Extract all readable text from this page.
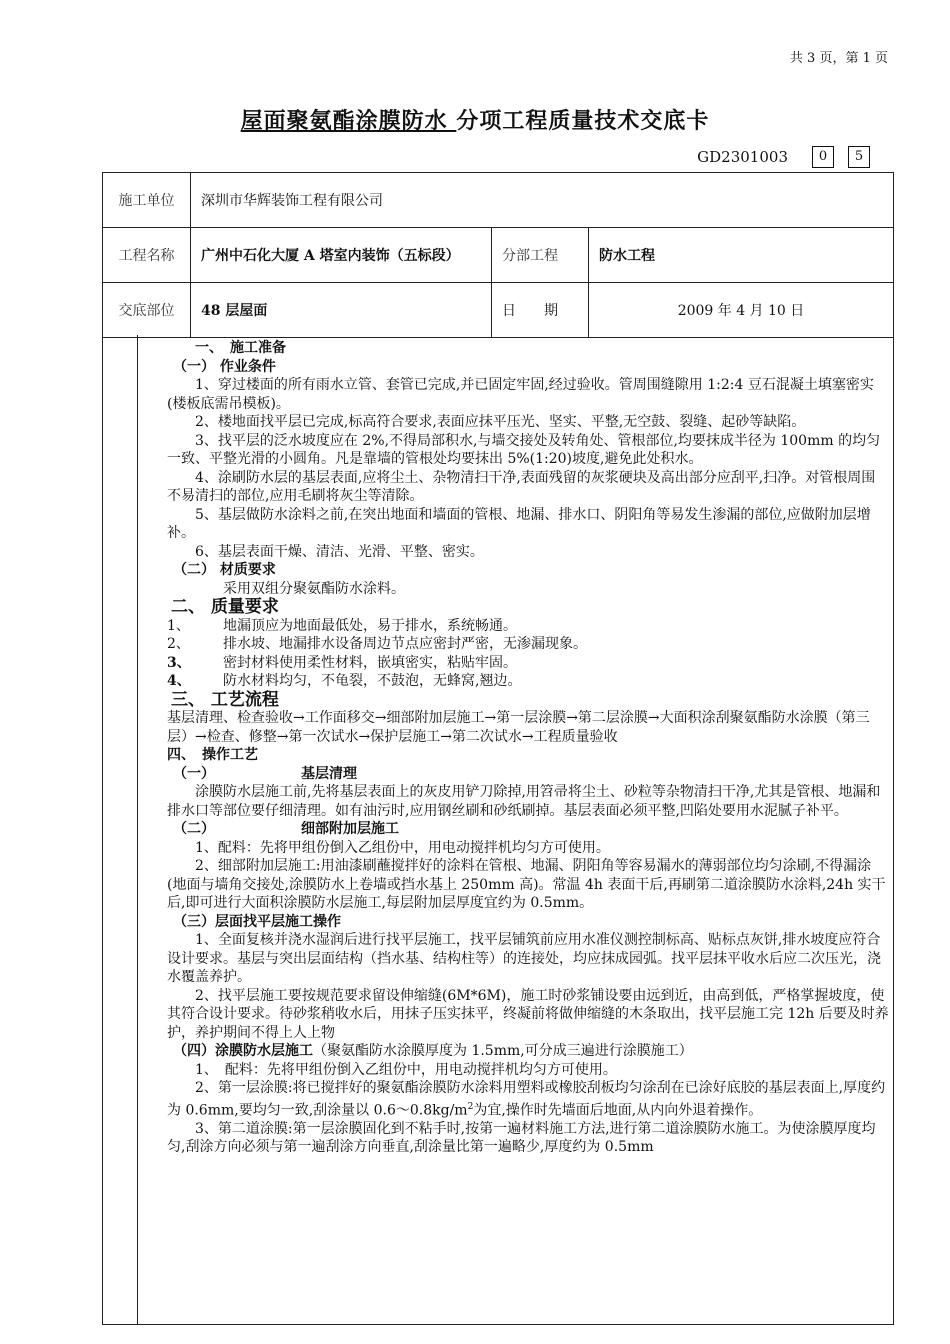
共 3 页，第 1 页
屋面聚氨酯涂膜防水 分项工程质量技术交底卡
GD2301003	0	5
施工单位	深圳市华辉装饰工程有限公司		
工程名称	广州中石化大厦 A 塔室内装饰（五标段）	分部工程	防水工程
交底部位	48 层屋面	日　　期	2009 年 4 月 10 日

一、　施工准备

（一） 作业条件

1、穿过楼面的所有雨水立管、套管已完成,并已固定牢固,经过验收。管周围缝隙用 1:2:4 豆石混凝土填塞密实(楼板底需吊模板)。

2、楼地面找平层已完成,标高符合要求,表面应抹平压光、坚实、平整,无空鼓、裂缝、起砂等缺陷。

3、找平层的泛水坡度应在 2%,不得局部积水,与墙交接处及转角处、管根部位,均要抹成半径为 100mm 的均匀一致、平整光滑的小圆角。凡是靠墙的管根处均要抹出 5%(1:20)坡度,避免此处积水。

4、涂刷防水层的基层表面,应将尘土、杂物清扫干净,表面残留的灰浆硬块及高出部分应刮平,扫净。对管根周围不易清扫的部位,应用毛刷将灰尘等清除。

5、基层做防水涂料之前,在突出地面和墙面的管根、地漏、排水口、阴阳角等易发生渗漏的部位,应做附加层增补。

6、基层表面干燥、清洁、光滑、平整、密实。

（二） 材质要求

采用双组分聚氨酯防水涂料。

二、 质量要求

1、 地漏顶应为地面最低处，易于排水，系统畅通。

2、 排水坡、地漏排水设备周边节点应密封严密，无渗漏现象。

3、 密封材料使用柔性材料，嵌填密实，粘贴牢固。

4、 防水材料均匀，不龟裂，不鼓泡，无蜂窝,翘边。

三、 工艺流程

基层清理、检查验收→工作面移交→细部附加层施工→第一层涂膜→第二层涂膜→大面积涂刮聚氨酯防水涂膜（第三层）→检查、修整→第一次试水→保护层施工→第二次试水→工程质量验收

四、　操作工艺

（一）	基层清理

涂膜防水层施工前,先将基层表面上的灰皮用铲刀除掉,用笤帚将尘土、砂粒等杂物清扫干净,尤其是管根、地漏和排水口等部位要仔细清理。如有油污时,应用钢丝刷和砂纸刷掉。基层表面必须平整,凹陷处要用水泥腻子补平。

（二）	细部附加层施工

1、配料：先将甲组份倒入乙组份中，用电动搅拌机均匀方可使用。

2、细部附加层施工:用油漆刷蘸搅拌好的涂料在管根、地漏、阴阳角等容易漏水的薄弱部位均匀涂刷,不得漏涂(地面与墙角交接处,涂膜防水上卷墙或挡水基上 250mm 高)。常温 4h 表面干后,再刷第二道涂膜防水涂料,24h 实干后,即可进行大面积涂膜防水层施工,每层附加层厚度宜约为 0.5mm。

（三）层面找平层施工操作

1、全面复核并浇水湿润后进行找平层施工，找平层铺筑前应用水准仪测控制标高、贴标点灰饼,排水坡度应符合设计要求。基层与突出层面结构（挡水基、结构柱等）的连接处，均应抹成园弧。找平层抹平收水后应二次压光，浇水覆盖养护。

2、找平层施工要按规范要求留设伸缩缝(6M*6M)，施工时砂浆铺设要由远到近，由高到低，严格掌握坡度，使其符合设计要求。待砂浆稍收水后，用抹子压实抹平，终凝前将做伸缩缝的木条取出，找平层施工完 12h 后要及时养护，养护期间不得上人上物

（四）涂膜防水层施工（聚氨酯防水涂膜厚度为 1.5mm,可分成三遍进行涂膜施工）

1、　配料：先将甲组份倒入乙组份中，用电动搅拌机均匀方可使用。

2、第一层涂膜:将已搅拌好的聚氨酯涂膜防水涂料用塑料或橡胶刮板均匀涂刮在已涂好底胶的基层表面上,厚度约为 0.6mm,要均匀一致,刮涂量以 $0.6\sim 0.8kg/m^2$为宜,操作时先墙面后地面,从内向外退着操作。

3、第二道涂膜:第一层涂膜固化到不粘手时,按第一遍材料施工方法,进行第二道涂膜防水施工。为使涂膜厚度均匀,刮涂方向必须与第一遍刮涂方向垂直,刮涂量比第一遍略少,厚度约为 0.5mm
